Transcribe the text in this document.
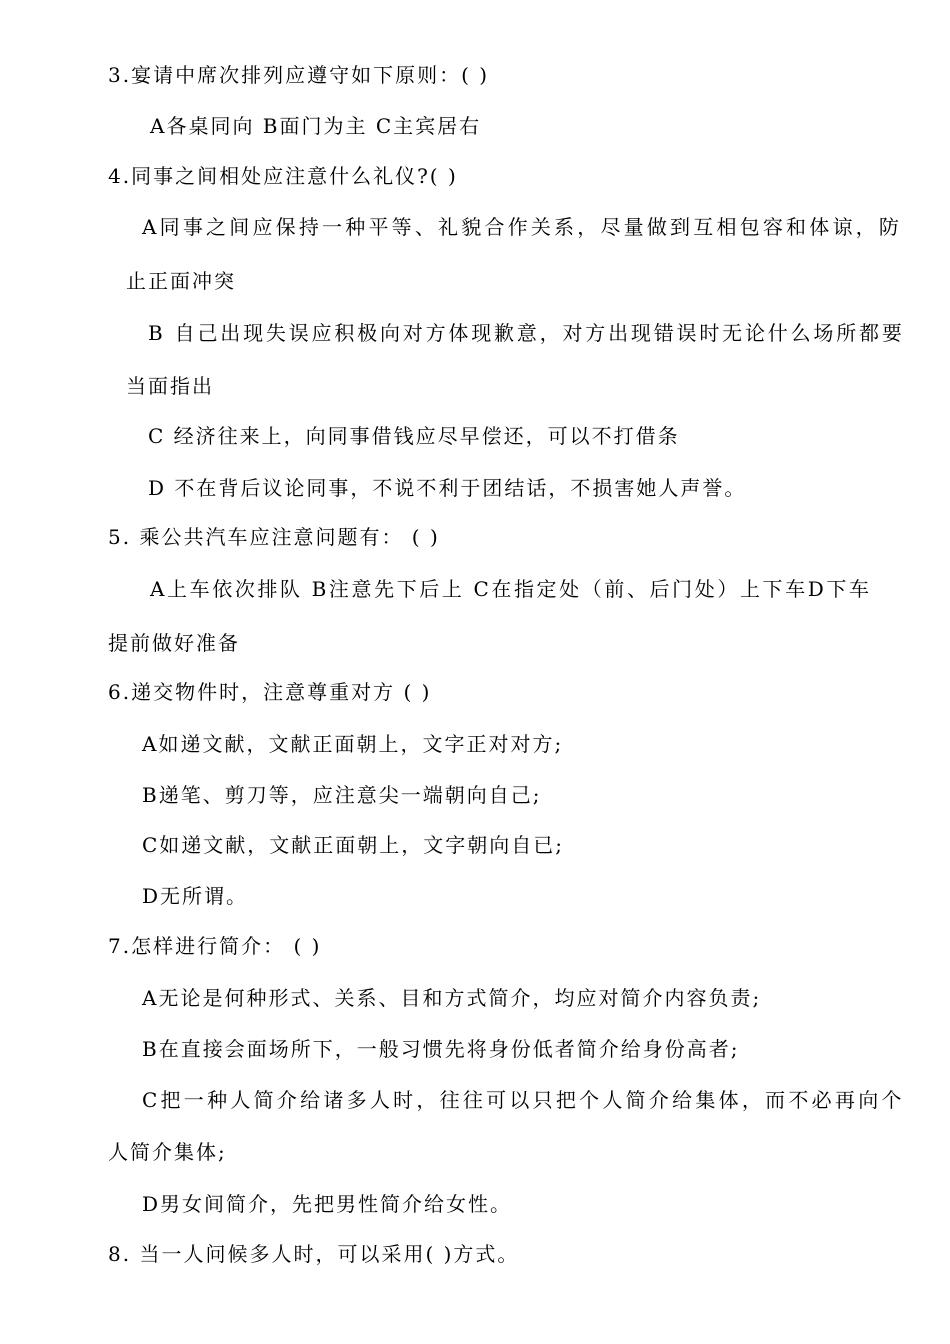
3.宴请中席次排列应遵守如下原则：( )
A各桌同向 B面门为主 C主宾居右
4.同事之间相处应注意什么礼仪?( )
A同事之间应保持一种平等、礼貌合作关系，尽量做到互相包容和体谅，防
止正面冲突
B 自己出现失误应积极向对方体现歉意，对方出现错误时无论什么场所都要
当面指出
C 经济往来上，向同事借钱应尽早偿还，可以不打借条
D 不在背后议论同事，不说不利于团结话，不损害她人声誉。
5. 乘公共汽车应注意问题有： ( )
A上车依次排队 B注意先下后上 C在指定处（前、后门处）上下车D下车
提前做好准备
6.递交物件时，注意尊重对方 ( )
A如递文献，文献正面朝上，文字正对对方;
B递笔、剪刀等，应注意尖一端朝向自己;
C如递文献，文献正面朝上，文字朝向自已;
D无所谓。
7.怎样进行简介： ( )
A无论是何种形式、关系、目和方式简介，均应对简介内容负责;
B在直接会面场所下，一般习惯先将身份低者简介给身份高者;
C把一种人简介给诸多人时，往往可以只把个人简介给集体，而不必再向个
人简介集体;
D男女间简介，先把男性简介给女性。
8. 当一人问候多人时，可以采用( )方式。
